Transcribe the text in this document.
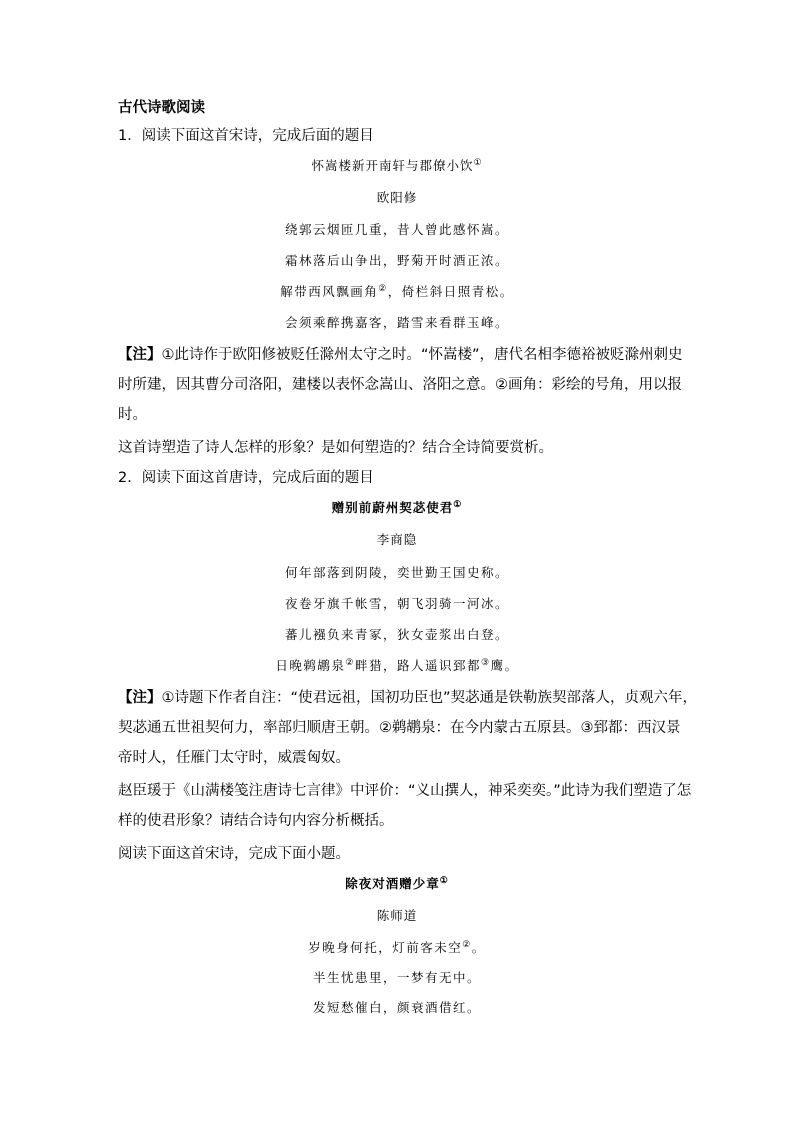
古代诗歌阅读
1．阅读下面这首宋诗，完成后面的题目
怀嵩楼新开南轩与郡僚小饮①
欧阳修
绕郭云烟匝几重，昔人曾此感怀嵩。
霜林落后山争出，野菊开时酒正浓。
解带西风飘画角②，倚栏斜日照青松。
会须乘醉携嘉客，踏雪来看群玉峰。
【注】①此诗作于欧阳修被贬任滁州太守之时。“怀嵩楼”，唐代名相李德裕被贬滁州刺史
时所建，因其曹分司洛阳，建楼以表怀念嵩山、洛阳之意。②画角：彩绘的号角，用以报
时。
这首诗塑造了诗人怎样的形象？是如何塑造的？结合全诗简要赏析。
2．阅读下面这首唐诗，完成后面的题目
赠别前蔚州契苾使君①
李商隐
何年部落到阴陵，奕世勤王国史称。
夜卷牙旗千帐雪，朝飞羽骑一河冰。
蕃儿襁负来青冢，狄女壶浆出白登。
日晚鹈鹕泉②畔猎，路人遥识郅都③鹰。
【注】①诗题下作者自注：“使君远祖，国初功臣也”契苾通是铁勒族契部落人，贞观六年，
契苾通五世祖契何力，率部归顺唐王朝。②鹈鹕泉：在今内蒙古五原县。③郅都：西汉景
帝时人，任雁门太守时，威震匈奴。
赵臣瑗于《山满楼笺注唐诗七言律》中评价：“义山撰人，神采奕奕。”此诗为我们塑造了怎
样的使君形象？请结合诗句内容分析概括。
阅读下面这首宋诗，完成下面小题。
除夜对酒赠少章①
陈师道
岁晚身何托，灯前客未空②。
半生忧患里，一梦有无中。
发短愁催白，颜衰酒借红。
